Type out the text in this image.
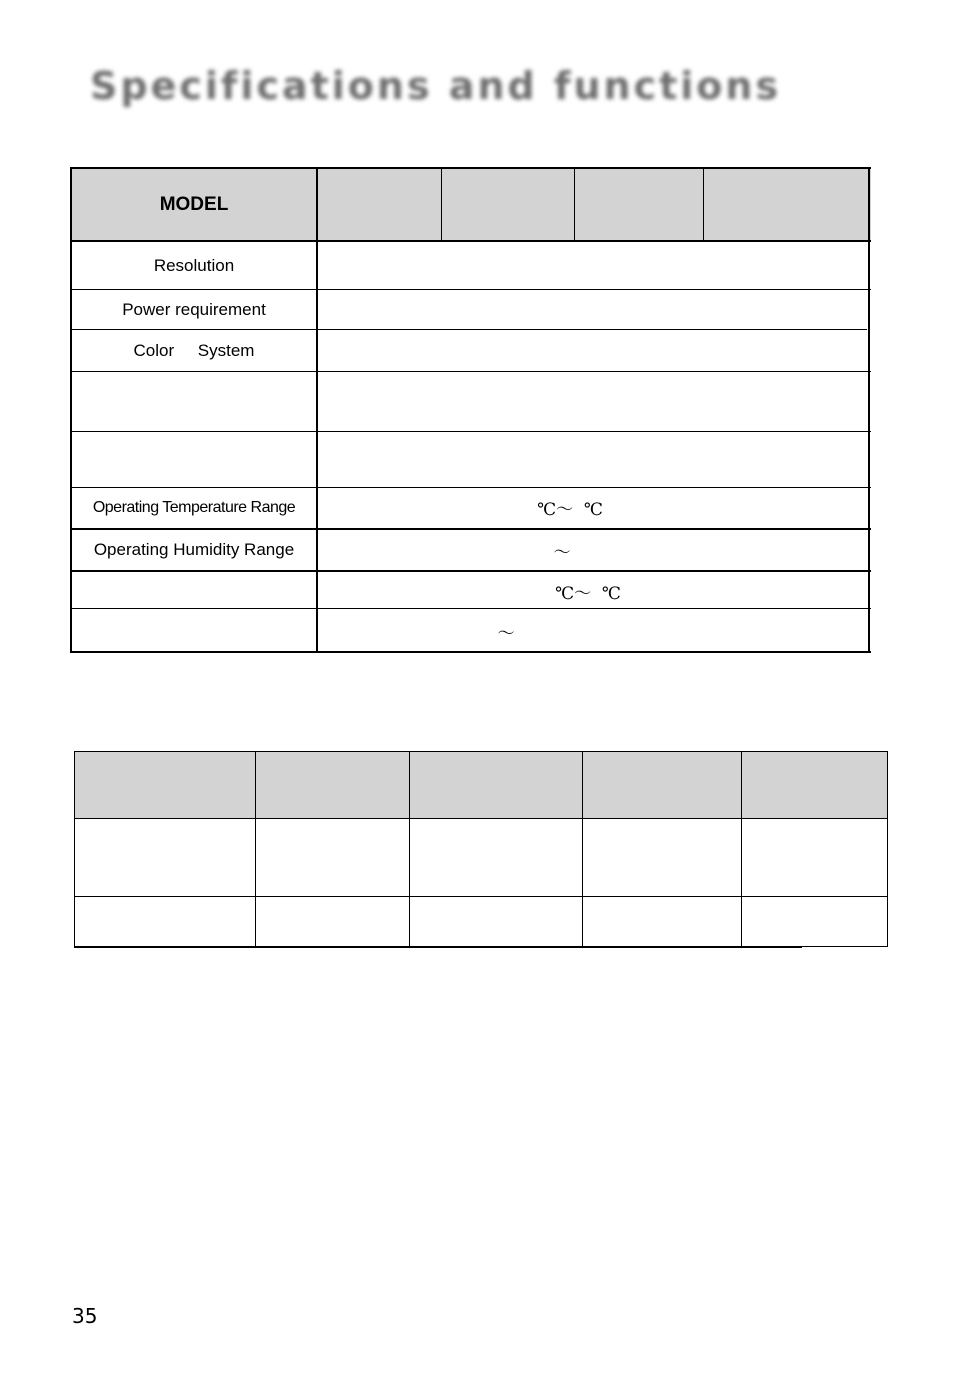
Specifications and functions
MODEL
Resolution
Power requirement
Color     System
Operating Temperature Range
Operating Humidity Range
℃～  ℃
～
℃～  ℃
～
35
